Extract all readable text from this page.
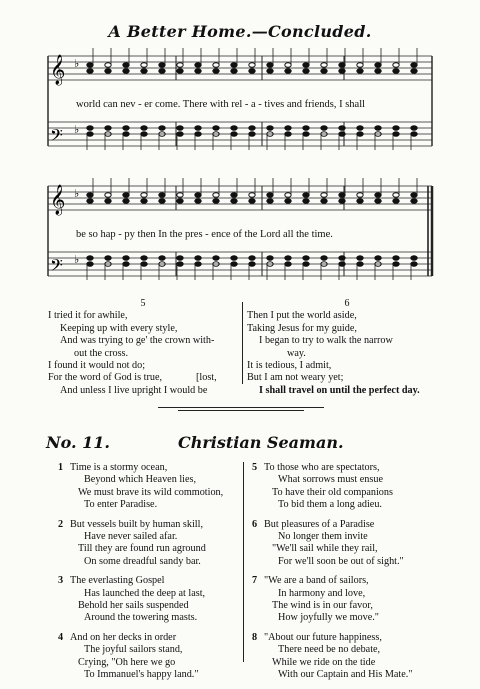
A Better Home.—Concluded.
𝄞 ♭
𝄢 ♭
𝄞 ♭
𝄢 ♭
world can nev - er come. There with rel - a - tives and friends, I shall
be so hap - py then In the pres - ence of the Lord all the time.
5
I tried it for awhile,
Keeping up with every style,
And was trying to ge' the crown with-
out the cross.
I found it would not do;
For the word of God is true,	[lost,
And unless I live upright I would be
6
Then I put the world aside,
Taking Jesus for my guide,
I began to try to walk the narrow
way.
It is tedious, I admit,
But I am not weary yet;
I shall travel on until the perfect day.
No. 11.	Christian Seaman.
1 Time is a stormy ocean,
Beyond which Heaven lies,
We must brave its wild commotion,
To enter Paradise.
2 But vessels built by human skill,
Have never sailed afar.
Till they are found run aground
On some dreadful sandy bar.
3 The everlasting Gospel
Has launched the deep at last,
Behold her sails suspended
Around the towering masts.
4 And on her decks in order
The joyful sailors stand,
Crying, "Oh here we go
To Immanuel's happy land."
5 To those who are spectators,
What sorrows must ensue
To have their old companions
To bid them a long adieu.
6 But pleasures of a Paradise
No longer them invite
"We'll sail while they rail,
For we'll soon be out of sight."
7 "We are a band of sailors,
In harmony and love,
The wind is in our favor,
How joyfully we move."
8 "About our future happiness,
There need be no debate,
While we ride on the tide
With our Captain and His Mate."
